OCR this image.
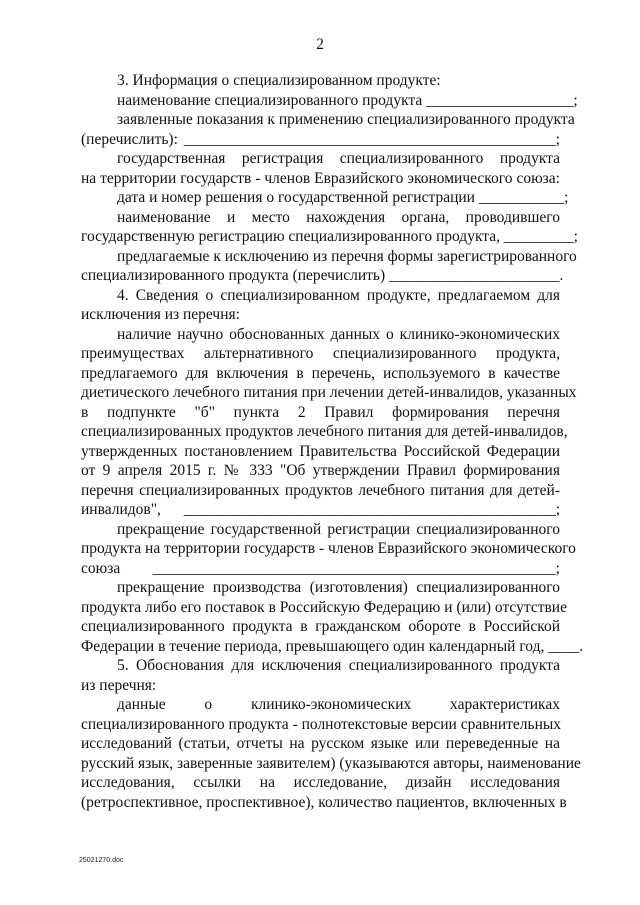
2
3. Информация о специализированном продукте:
наименование специализированного продукта ___________________;
заявленные показания к применению специализированного продукта
(перечислить): ________________________________________________;
государственная регистрация специализированного продукта
на территории государств - членов Евразийского экономического союза:
дата и номер решения о государственной регистрации ___________;
наименование и место нахождения органа, проводившего
государственную регистрацию специализированного продукта, _________;
предлагаемые к исключению из перечня формы зарегистрированного
специализированного продукта (перечислить) ______________________.
4. Сведения о специализированном продукте, предлагаемом для
исключения из перечня:
наличие научно обоснованных данных о клинико-экономических
преимуществах альтернативного специализированного продукта,
предлагаемого для включения в перечень, используемого в качестве
диетического лечебного питания при лечении детей-инвалидов, указанных
в подпункте "б" пункта 2 Правил формирования перечня
специализированных продуктов лечебного питания для детей-инвалидов,
утвержденных постановлением Правительства Российской Федерации
от 9 апреля 2015 г. № 333 "Об утверждении Правил формирования
перечня специализированных продуктов лечебного питания для детей-
инвалидов", ________________________________________________;
прекращение государственной регистрации специализированного
продукта на территории государств - членов Евразийского экономического
союза ____________________________________________________;
прекращение производства (изготовления) специализированного
продукта либо его поставок в Российскую Федерацию и (или) отсутствие
специализированного продукта в гражданском обороте в Российской
Федерации в течение периода, превышающего один календарный год, ____.
5. Обоснования для исключения специализированного продукта
из перечня:
данные о клинико-экономических характеристиках
специализированного продукта - полнотекстовые версии сравнительных
исследований (статьи, отчеты на русском языке или переведенные на
русский язык, заверенные заявителем) (указываются авторы, наименование
исследования, ссылки на исследование, дизайн исследования
(ретроспективное, проспективное), количество пациентов, включенных в
25021270.doc
